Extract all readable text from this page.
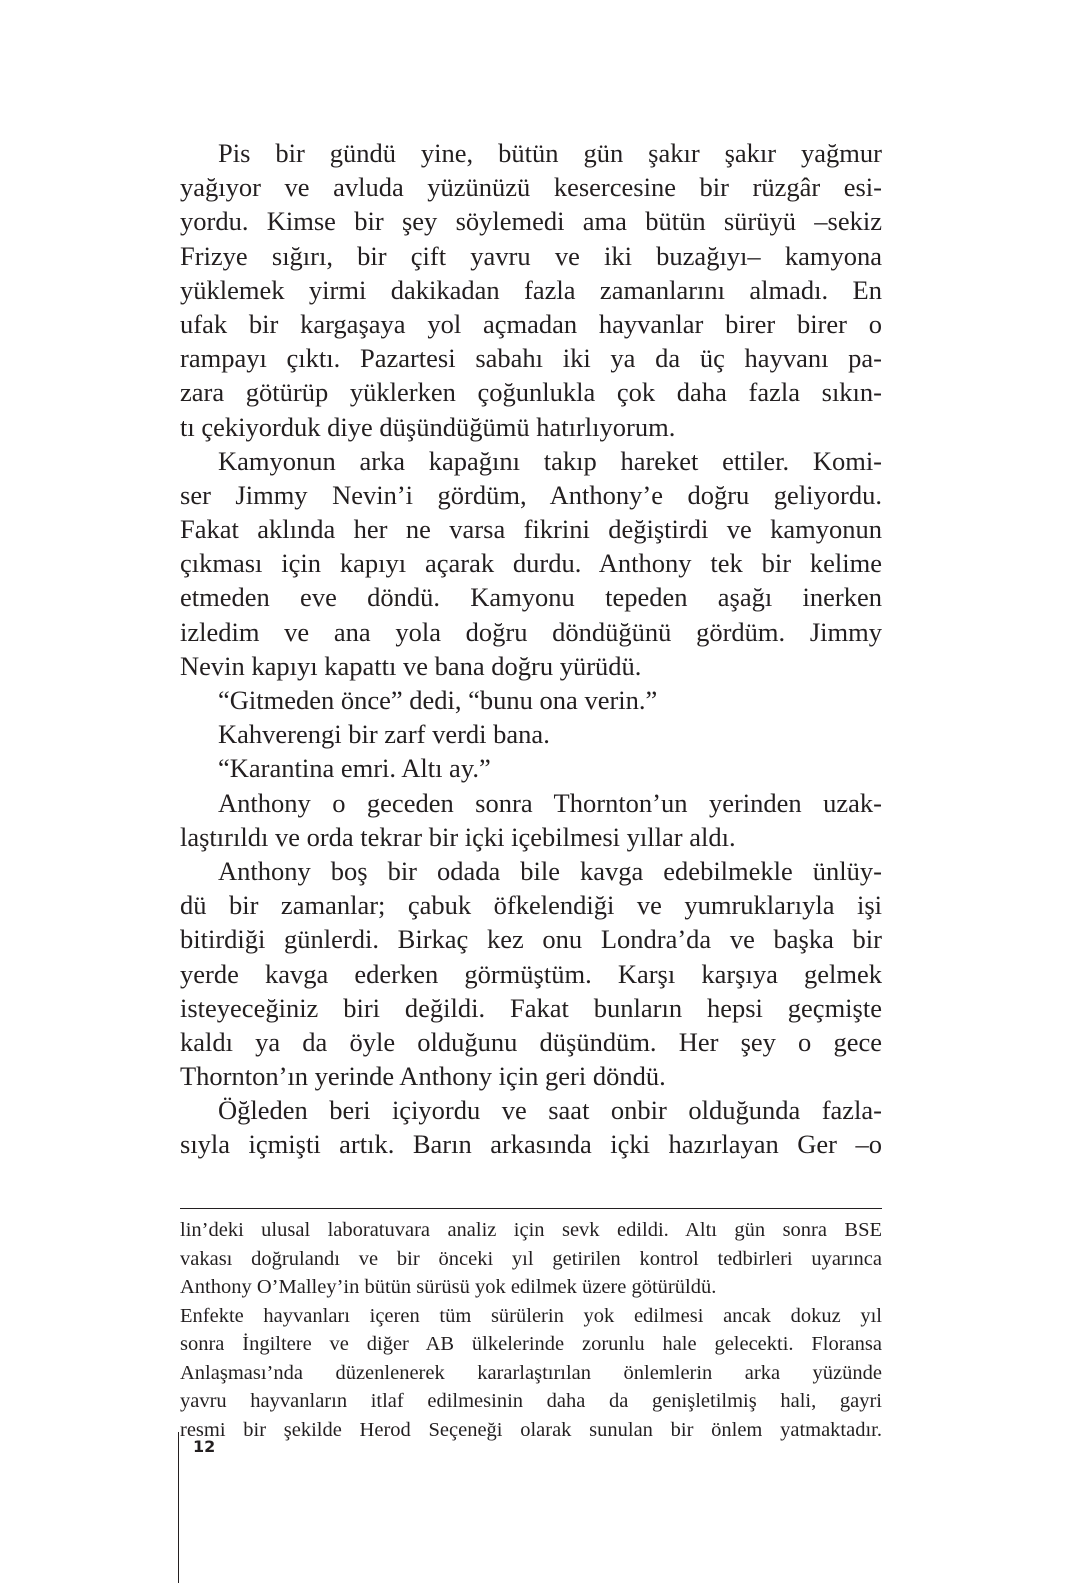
Pis bir gündü yine, bütün gün şakır şakır yağmur
yağıyor ve avluda yüzünüzü kesercesine bir rüzgâr esi-
yordu. Kimse bir şey söylemedi ama bütün sürüyü –sekiz
Frizye sığırı, bir çift yavru ve iki buzağıyı– kamyona
yüklemek yirmi dakikadan fazla zamanlarını almadı. En
ufak bir kargaşaya yol açmadan hayvanlar birer birer o
rampayı çıktı. Pazartesi sabahı iki ya da üç hayvanı pa-
zara götürüp yüklerken çoğunlukla çok daha fazla sıkın-
tı çekiyorduk diye düşündüğümü hatırlıyorum.
Kamyonun arka kapağını takıp hareket ettiler. Komi-
ser Jimmy Nevin’i gördüm, Anthony’e doğru geliyordu.
Fakat aklında her ne varsa fikrini değiştirdi ve kamyonun
çıkması için kapıyı açarak durdu. Anthony tek bir kelime
etmeden eve döndü. Kamyonu tepeden aşağı inerken
izledim ve ana yola doğru döndüğünü gördüm. Jimmy
Nevin kapıyı kapattı ve bana doğru yürüdü.
“Gitmeden önce” dedi, “bunu ona verin.”
Kahverengi bir zarf verdi bana.
“Karantina emri. Altı ay.”
Anthony o geceden sonra Thornton’un yerinden uzak-
laştırıldı ve orda tekrar bir içki içebilmesi yıllar aldı.
Anthony boş bir odada bile kavga edebilmekle ünlüy-
dü bir zamanlar; çabuk öfkelendiği ve yumruklarıyla işi
bitirdiği günlerdi. Birkaç kez onu Londra’da ve başka bir
yerde kavga ederken görmüştüm. Karşı karşıya gelmek
isteyeceğiniz biri değildi. Fakat bunların hepsi geçmişte
kaldı ya da öyle olduğunu düşündüm. Her şey o gece
Thornton’ın yerinde Anthony için geri döndü.
Öğleden beri içiyordu ve saat onbir olduğunda fazla-
sıyla içmişti artık. Barın arkasında içki hazırlayan Ger –o
lin’deki ulusal laboratuvara analiz için sevk edildi. Altı gün sonra BSE
vakası doğrulandı ve bir önceki yıl getirilen kontrol tedbirleri uyarınca
Anthony O’Malley’in bütün sürüsü yok edilmek üzere götürüldü.
Enfekte hayvanları içeren tüm sürülerin yok edilmesi ancak dokuz yıl
sonra İngiltere ve diğer AB ülkelerinde zorunlu hale gelecekti. Floransa
Anlaşması’nda düzenlenerek kararlaştırılan önlemlerin arka yüzünde
yavru hayvanların itlaf edilmesinin daha da genişletilmiş hali, gayri
resmi bir şekilde Herod Seçeneği olarak sunulan bir önlem yatmaktadır.
12
